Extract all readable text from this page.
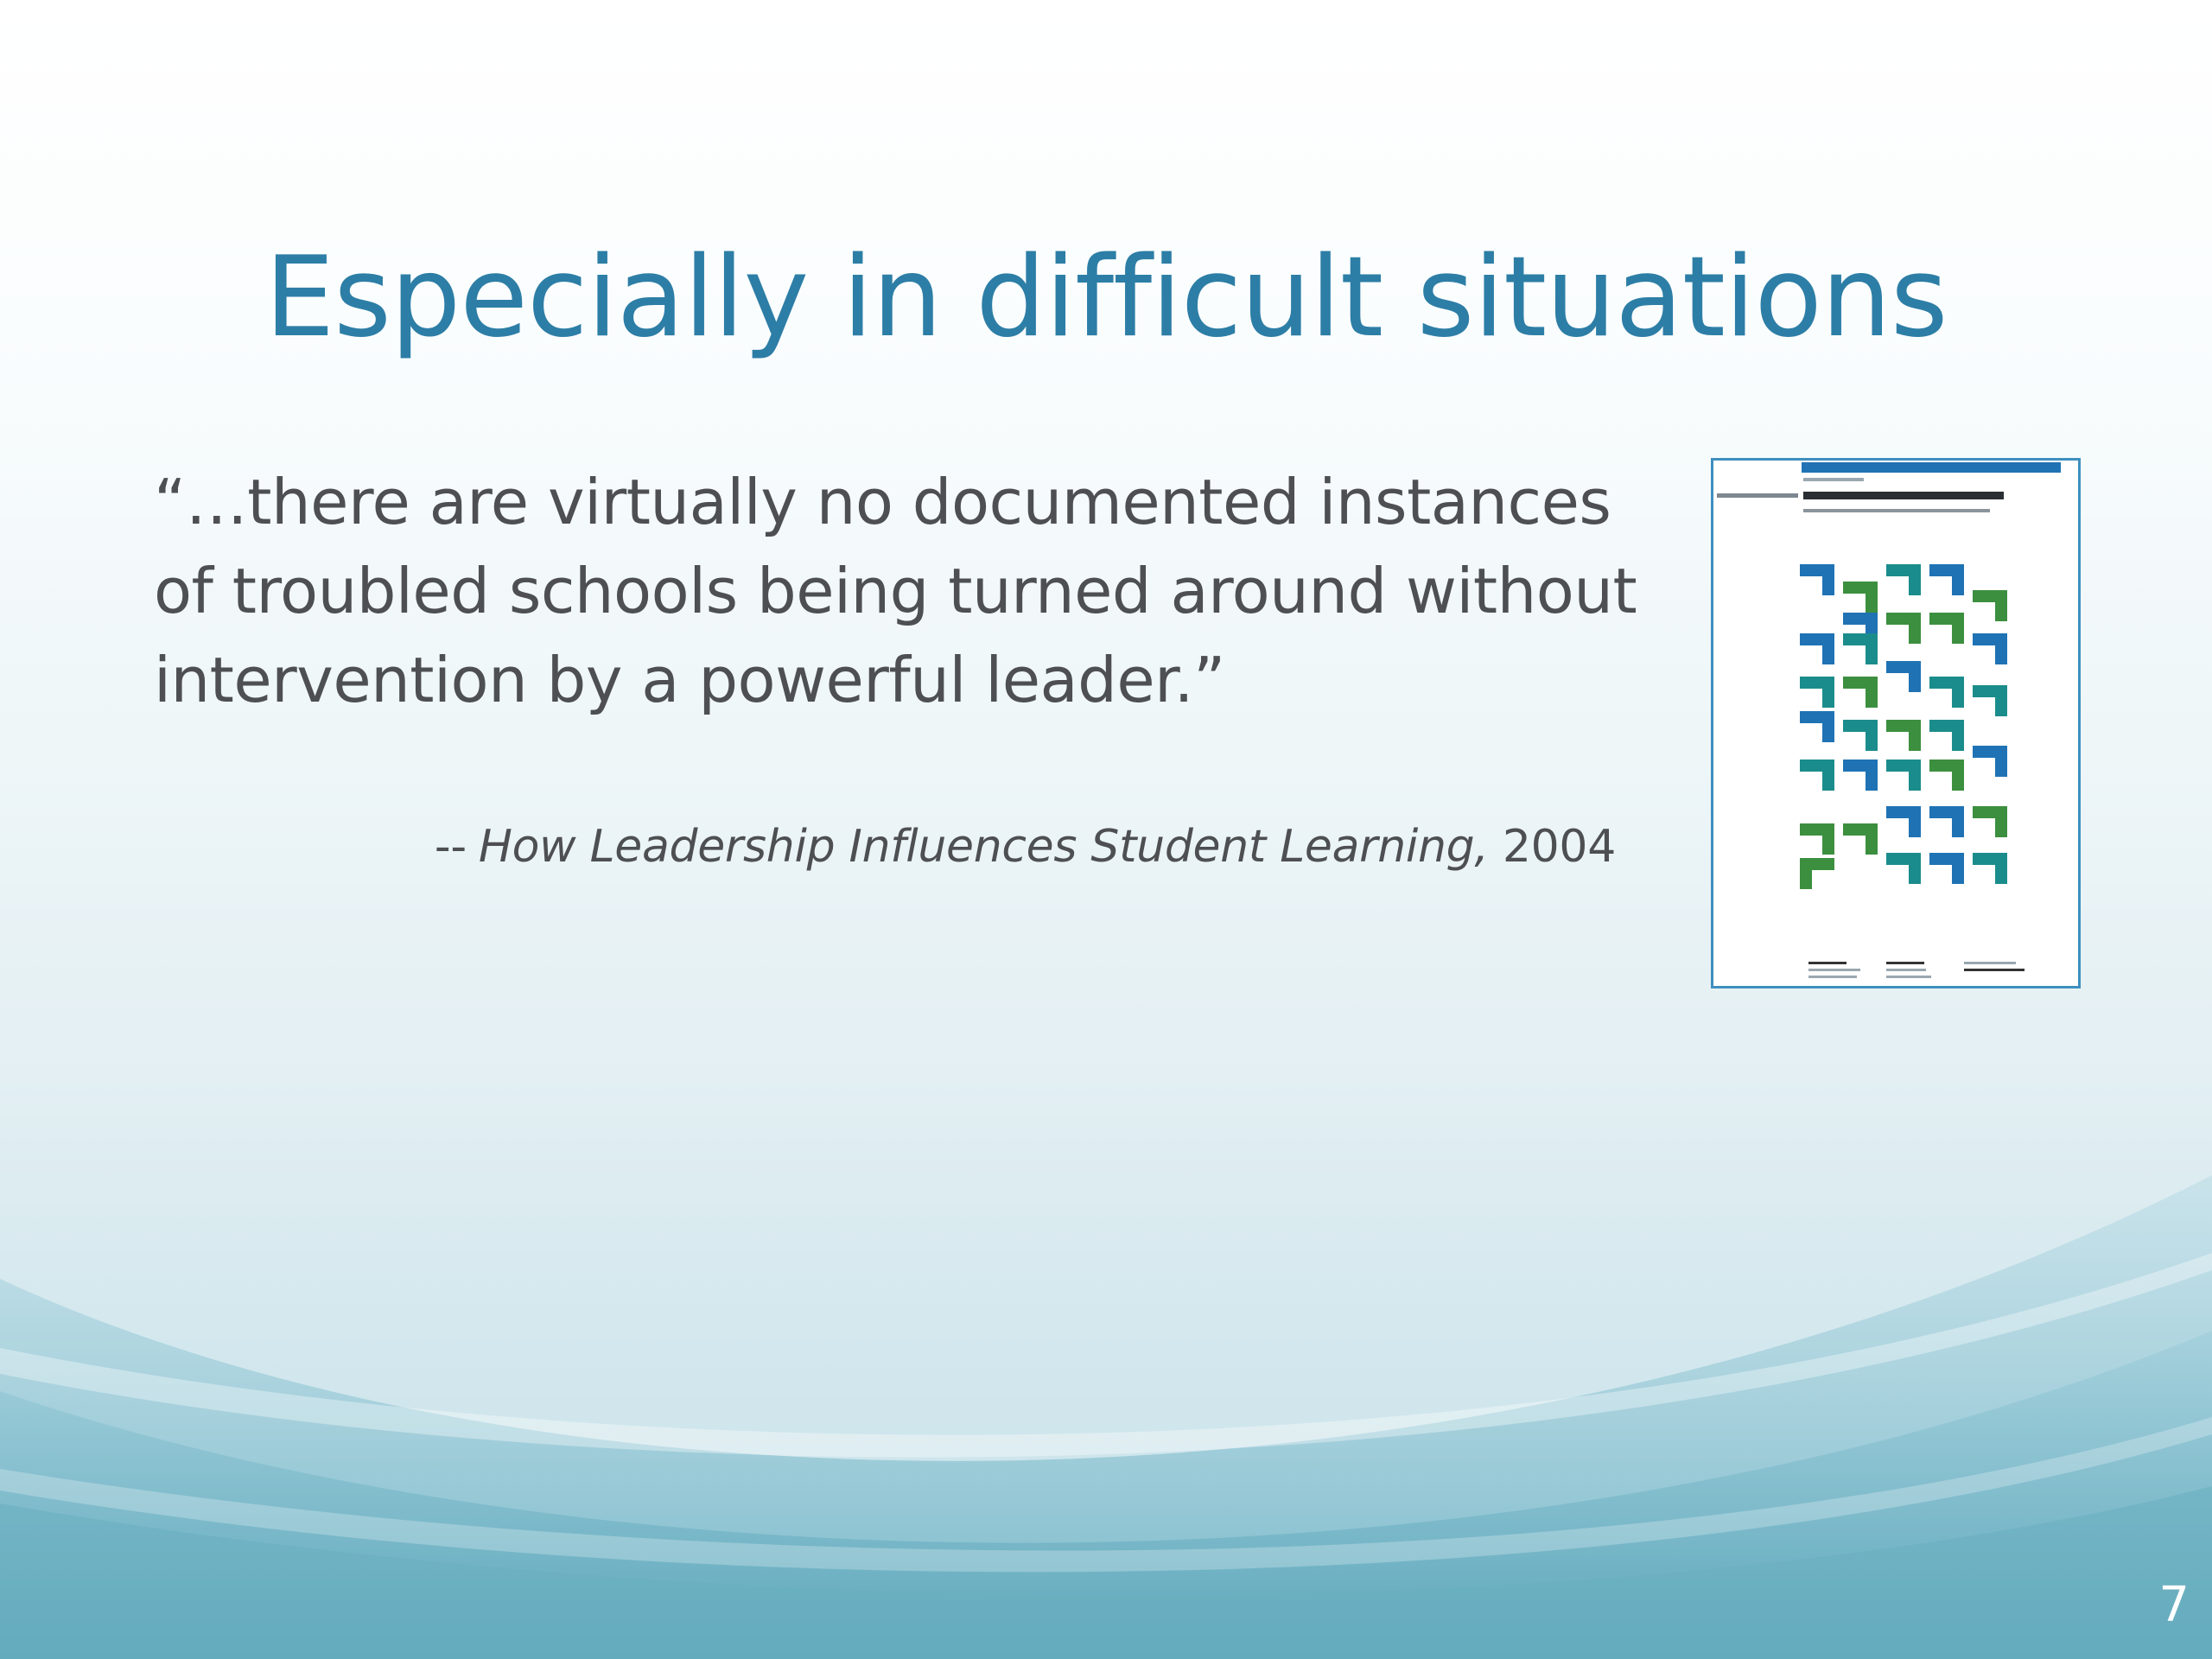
Especially in difficult situations

“…there are virtually no documented instances of troubled schools being turned around without intervention by a powerful leader.”

-- How Leadership Influences Student Learning, 2004
7
